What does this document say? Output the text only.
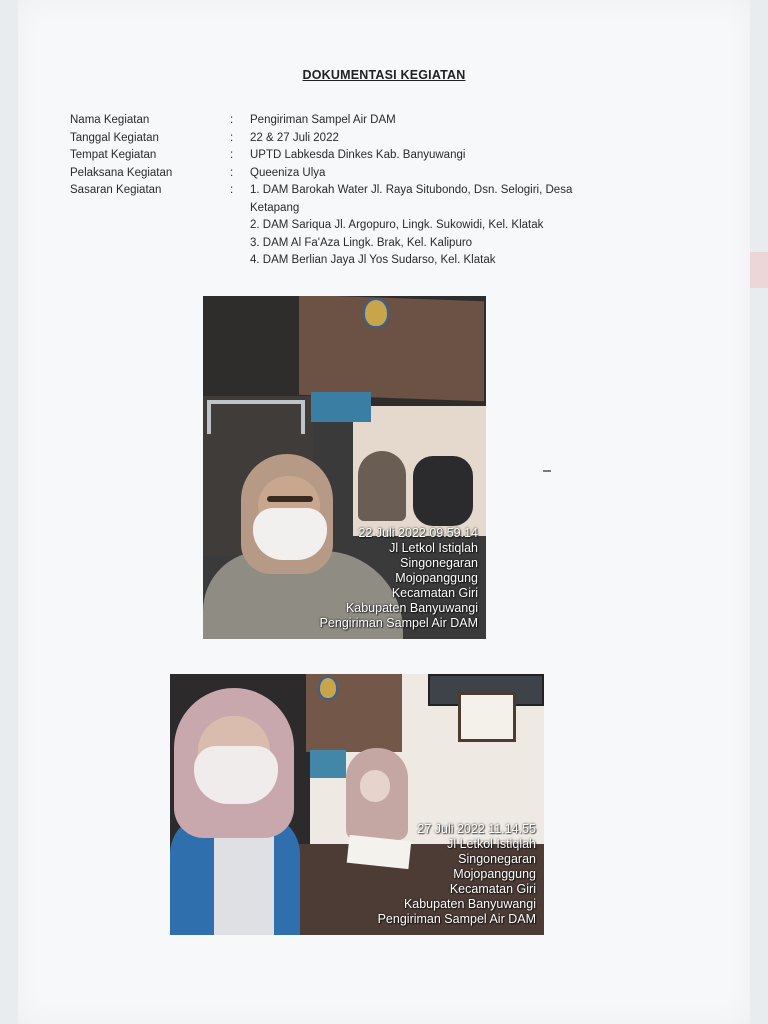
DOKUMENTASI KEGIATAN
Nama Kegiatan	:	Pengiriman Sampel Air DAM
Tanggal Kegiatan	:	22 & 27 Juli 2022
Tempat Kegiatan	:	UPTD Labkesda Dinkes Kab. Banyuwangi
Pelaksana Kegiatan	:	Queeniza Ulya
Sasaran Kegiatan	:	1. DAM Barokah Water Jl. Raya Situbondo, Dsn. Selogiri, Desa
Ketapang
2. DAM Sariqua Jl. Argopuro, Lingk. Sukowidi, Kel. Klatak
3. DAM Al Fa'Aza Lingk. Brak, Kel. Kalipuro
4. DAM Berlian Jaya Jl Yos Sudarso, Kel. Klatak
22 Juli 2022 09.59.14
Jl Letkol Istiqlah
Singonegaran
Mojopanggung
Kecamatan Giri
Kabupaten Banyuwangi
Pengiriman Sampel Air DAM
27 Juli 2022 11.14.55
Jl Letkol Istiqlah
Singonegaran
Mojopanggung
Kecamatan Giri
Kabupaten Banyuwangi
Pengiriman Sampel Air DAM
